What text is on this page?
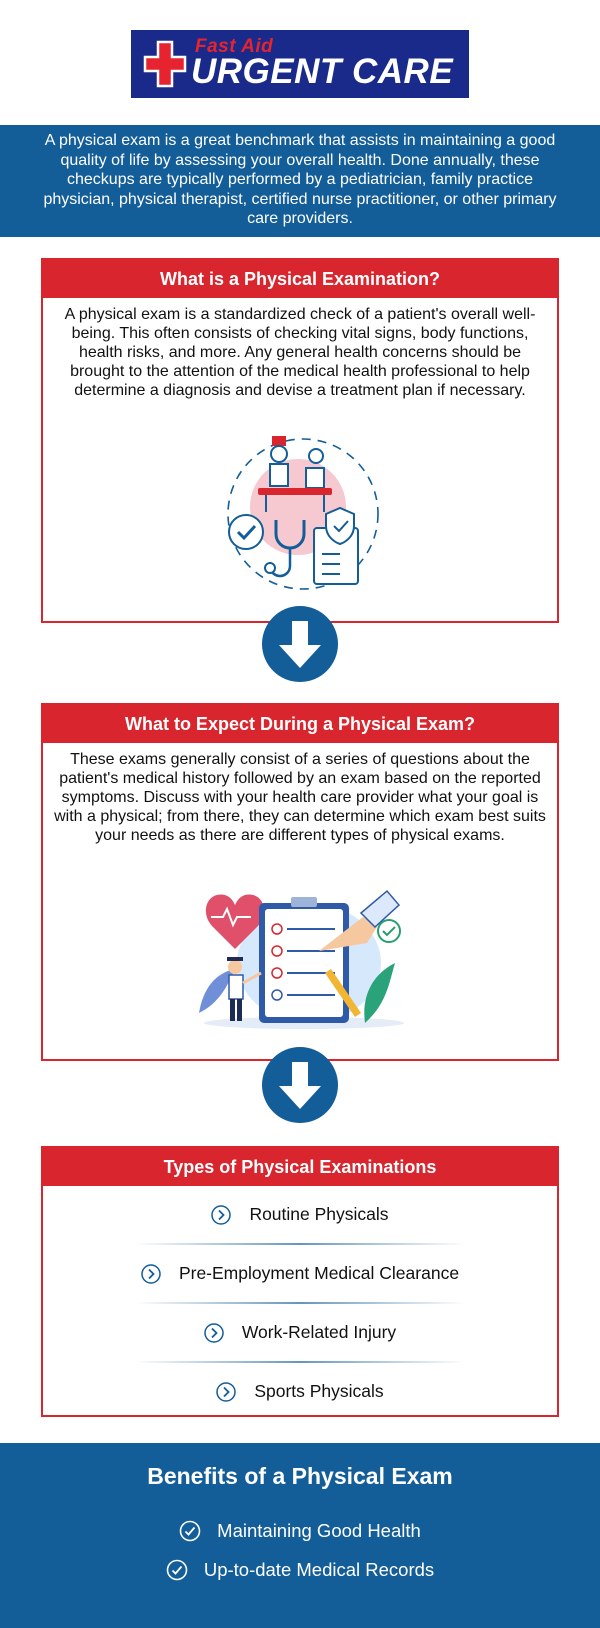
Fast Aid
URGENT CARE

A physical exam is a great benchmark that assists in maintaining a good quality of life by assessing your overall health. Done annually, these checkups are typically performed by a pediatrician, family practice physician, physical therapist, certified nurse practitioner, or other primary care providers.

What is a Physical Examination?
A physical exam is a standardized check of a patient's overall well-being. This often consists of checking vital signs, body functions, health risks, and more. Any general health concerns should be brought to the attention of the medical health professional to help determine a diagnosis and devise a treatment plan if necessary.
What to Expect During a Physical Exam?
These exams generally consist of a series of questions about the patient's medical history followed by an exam based on the reported symptoms. Discuss with your health care provider what your goal is with a physical; from there, they can determine which exam best suits your needs as there are different types of physical exams.
Types of Physical Examinations
Routine Physicals
Pre-Employment Medical Clearance
Work-Related Injury
Sports Physicals
Benefits of a Physical Exam
Maintaining Good Health
Up-to-date Medical Records
